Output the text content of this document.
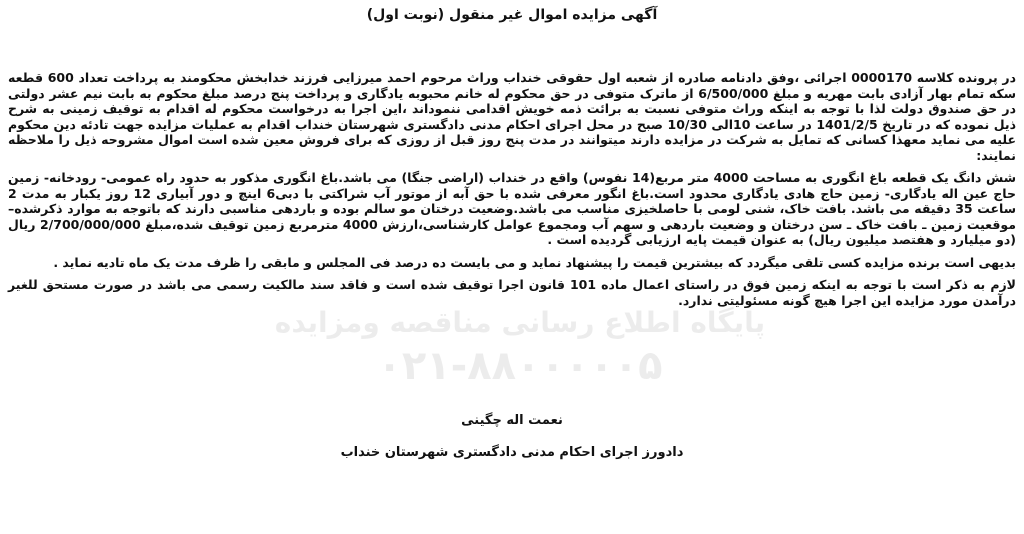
پایگاه اطلاع رسانی مناقصه ومزایده
۰۲۱-۸۸۰۰۰۰۰۵
آگهی مزایده اموال غیر منقول (نوبت اول)

در پرونده کلاسه 0000170 اجرائی ،وفق دادنامه صادره از شعبه اول حقوقی خنداب وراث مرحوم احمد میرزایی فرزند خدابخش محکومند به پرداخت تعداد 600 قطعه سکه تمام بهار آزادی بابت مهریه و مبلغ 6/500/000 از ماترک متوفی در حق محکوم له خانم محبوبه یادگاری و پرداخت پنج درصد مبلغ محکوم به بابت نیم عشر دولتی در حق صندوق دولت لذا با توجه به اینکه وراث متوفی نسبت به برائت ذمه خویش اقدامی ننموداند ،این اجرا به درخواست محکوم له اقدام به توقیف زمینی به شرح ذیل نموده که در تاریخ 1401/2/5 در ساعت 10الی 10/30 صبح در محل اجرای احکام مدنی دادگستری شهرستان خنداب اقدام به عملیات مزایده جهت تادئه دین محکوم علیه می نماید معهذا کسانی که تمایل به شرکت در مزایده دارند میتوانند در مدت پنج روز قبل از روزی که برای فروش معین شده است اموال مشروحه ذیل را ملاحظه نمایند:

شش دانگ یک قطعه باغ انگوری به مساحت 4000 متر مربع(14 نفوس) واقع در خنداب (اراضی جنگا) می باشد.باغ انگوری مذکور به حدود راه عمومی- رودخانه- زمین حاج عین اله یادگاری- زمین حاج هادی یادگاری محدود است.باغ انگور معرفی شده با حق آبه از موتور آب شراکتی با دبی6 اینچ و دور آبیاری 12 روز یکبار به مدت 2 ساعت 35 دقیقه می باشد. بافت خاک، شنی لومی با حاصلخیزی مناسب می باشد.وضعیت درختان مو سالم بوده و باردهی مناسبی دارند که باتوجه به موارد ذکرشده– موقعیت زمین ـ بافت خاک ـ سن درختان و وضعیت باردهی و سهم آب ومجموع عوامل کارشناسی،ارزش 4000 مترمربع زمین توقیف شده،مبلغ 2/700/000/000 ریال (دو میلیارد و هفتصد میلیون ریال) به عنوان قیمت پایه ارزیابی گردیده است .

بدیهی است برنده مزایده کسی تلقی میگردد که بیشترین قیمت را پیشنهاد نماید و می بایست ده درصد فی المجلس و مابقی را ظرف مدت یک ماه تادیه نماید .

لازم به ذکر است با توجه به اینکه زمین فوق در راستای اعمال ماده 101 قانون اجرا توقیف شده است و فاقد سند مالکیت رسمی می باشد در صورت مستحق للغیر درآمدن مورد مزایده این اجرا هیچ گونه مسئولیتی ندارد.

نعمت اله چگینی
دادورز اجرای احکام مدنی دادگستری شهرستان خنداب
